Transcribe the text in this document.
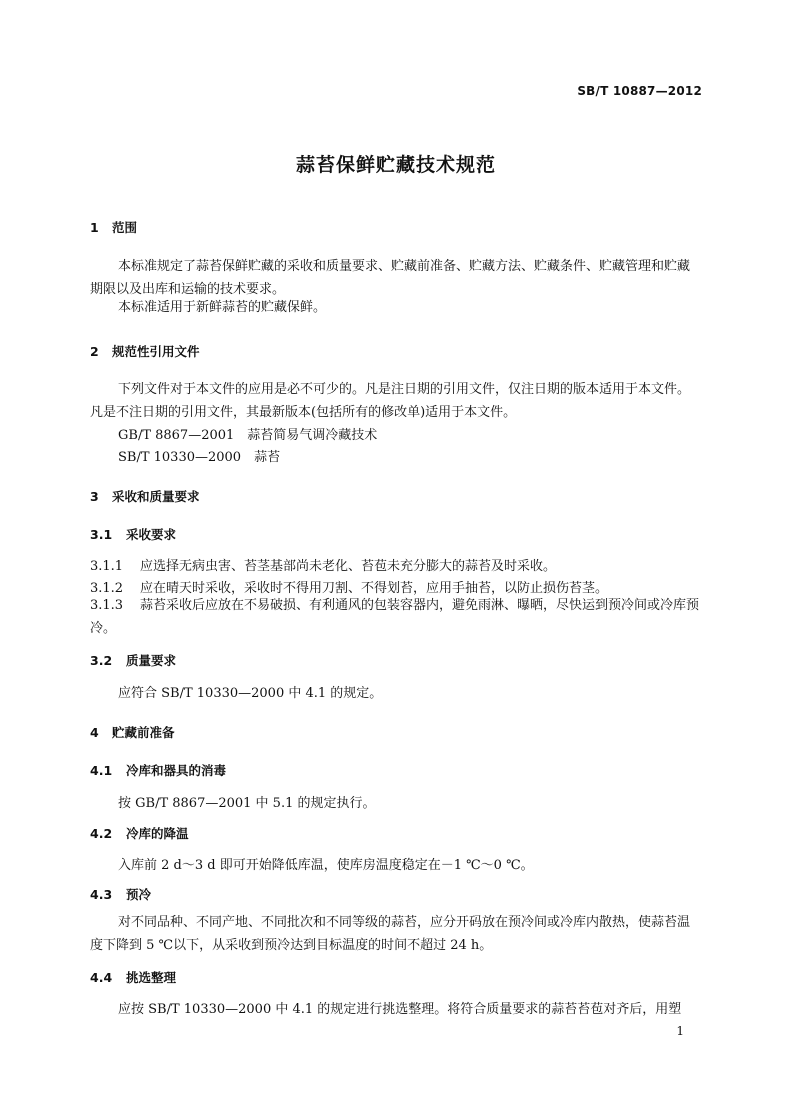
SB/T 10887—2012
蒜苔保鲜贮藏技术规范
1 范围
本标准规定了蒜苔保鲜贮藏的采收和质量要求、贮藏前准备、贮藏方法、贮藏条件、贮藏管理和贮藏期限以及出库和运输的技术要求。
本标准适用于新鲜蒜苔的贮藏保鲜。
2 规范性引用文件
下列文件对于本文件的应用是必不可少的。凡是注日期的引用文件，仅注日期的版本适用于本文件。凡是不注日期的引用文件，其最新版本(包括所有的修改单)适用于本文件。
GB/T 8867—2001　蒜苔简易气调冷藏技术
SB/T 10330—2000　蒜苔
3 采收和质量要求
3.1 采收要求
3.1.1 应选择无病虫害、苔茎基部尚未老化、苔苞未充分膨大的蒜苔及时采收。
3.1.2 应在晴天时采收，采收时不得用刀割、不得划苔，应用手抽苔，以防止损伤苔茎。
3.1.3 蒜苔采收后应放在不易破损、有利通风的包装容器内，避免雨淋、曝晒，尽快运到预冷间或冷库预冷。
3.2 质量要求
应符合 SB/T 10330—2000 中 4.1 的规定。
4 贮藏前准备
4.1 冷库和器具的消毒
按 GB/T 8867—2001 中 5.1 的规定执行。
4.2 冷库的降温
入库前 2 d～3 d 即可开始降低库温，使库房温度稳定在－1 ℃～0 ℃。
4.3 预冷
对不同品种、不同产地、不同批次和不同等级的蒜苔，应分开码放在预冷间或冷库内散热，使蒜苔温度下降到 5 ℃以下，从采收到预冷达到目标温度的时间不超过 24 h。
4.4 挑选整理
应按 SB/T 10330—2000 中 4.1 的规定进行挑选整理。将符合质量要求的蒜苔苔苞对齐后，用塑
1
